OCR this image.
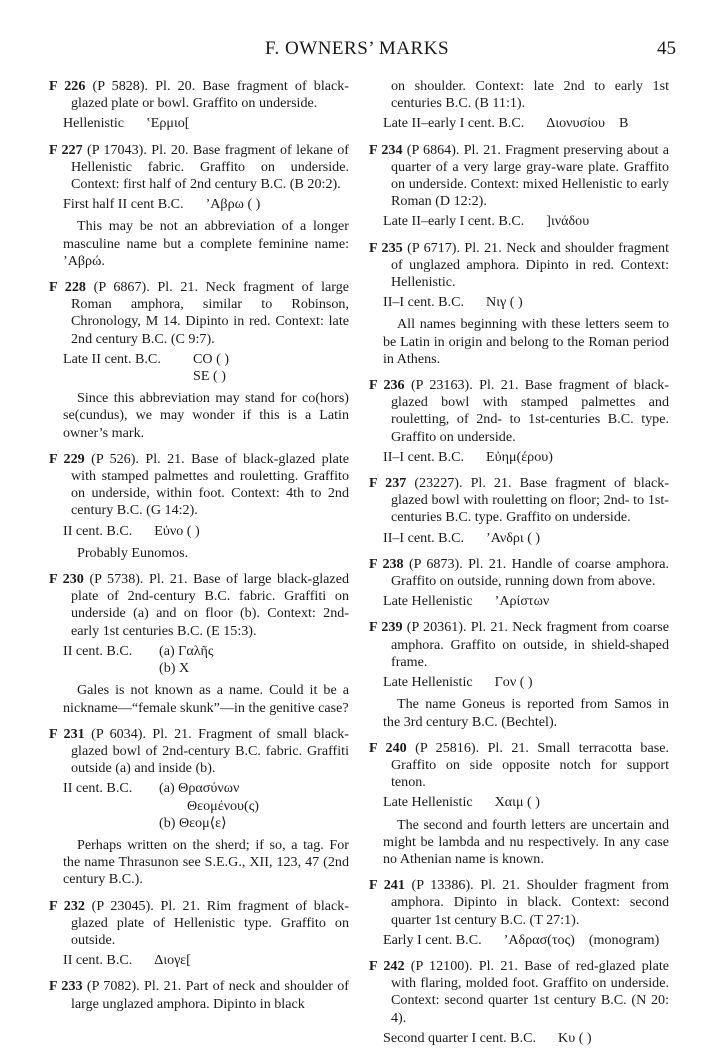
F. OWNERS’ MARKS	45
F 226 (P 5828). Pl. 20. Base fragment of black-glazed plate or bowl. Graffito on underside.
Hellenistic ʽΕρμιο[
F 227 (P 17043). Pl. 20. Base fragment of lekane of Hellenistic fabric. Graffito on underside. Context: first half of 2nd century B.C. (B 20:2).
First half II cent B.C. ʼΑβρω ( )
This may be not an abbreviation of a longer masculine name but a complete feminine name: ʼΑβρώ.
F 228 (P 6867). Pl. 21. Neck fragment of large Roman amphora, similar to Robinson, Chronology, M 14. Dipinto in red. Context: late 2nd century B.C. (C 9:7).
Late II cent. B.C.	CO ( )
SE ( )
Since this abbreviation may stand for co(hors) se(cundus), we may wonder if this is a Latin owner’s mark.
F 229 (P 526). Pl. 21. Base of black-glazed plate with stamped palmettes and rouletting. Graffito on underside, within foot. Context: 4th to 2nd century B.C. (G 14:2).
II cent. B.C. Εὐνο ( )
Probably Eunomos.
F 230 (P 5738). Pl. 21. Base of large black-glazed plate of 2nd-century B.C. fabric. Graffiti on underside (a) and on floor (b). Context: 2nd-early 1st centuries B.C. (E 15:3).
II cent. B.C.	(a) Γαλῆς
(b) X
Gales is not known as a name. Could it be a nickname—“female skunk”—in the genitive case?
F 231 (P 6034). Pl. 21. Fragment of small black-glazed bowl of 2nd-century B.C. fabric. Graffiti outside (a) and inside (b).
II cent. B.C.	(a) Θρασύνων
Θεομένου(ς)
(b) Θεομ⟨ε⟩
Perhaps written on the sherd; if so, a tag. For the name Thrasunon see S.E.G., XII, 123, 47 (2nd century B.C.).
F 232 (P 23045). Pl. 21. Rim fragment of black-glazed plate of Hellenistic type. Graffito on outside.
II cent. B.C. Διογε[
F 233 (P 7082). Pl. 21. Part of neck and shoulder of large unglazed amphora. Dipinto in black
on shoulder. Context: late 2nd to early 1st centuries B.C. (B 11:1).
Late II–early I cent. B.C. Διονυσίου    B
F 234 (P 6864). Pl. 21. Fragment preserving about a quarter of a very large gray-ware plate. Graffito on underside. Context: mixed Hellenistic to early Roman (D 12:2).
Late II–early I cent. B.C. ]ινάδου
F 235 (P 6717). Pl. 21. Neck and shoulder fragment of unglazed amphora. Dipinto in red. Context: Hellenistic.
II–I cent. B.C. Νιγ ( )
All names beginning with these letters seem to be Latin in origin and belong to the Roman period in Athens.
F 236 (P 23163). Pl. 21. Base fragment of black-glazed bowl with stamped palmettes and rouletting, of 2nd- to 1st-centuries B.C. type. Graffito on underside.
II–I cent. B.C. Εὐημ(έρου)
F 237 (23227). Pl. 21. Base fragment of black-glazed bowl with rouletting on floor; 2nd- to 1st-centuries B.C. type. Graffito on underside.
II–I cent. B.C. ʼΑνδρι ( )
F 238 (P 6873). Pl. 21. Handle of coarse amphora. Graffito on outside, running down from above.
Late Hellenistic ʼΑρίστων
F 239 (P 20361). Pl. 21. Neck fragment from coarse amphora. Graffito on outside, in shield-shaped frame.
Late Hellenistic Γον ( )
The name Goneus is reported from Samos in the 3rd century B.C. (Bechtel).
F 240 (P 25816). Pl. 21. Small terracotta base. Graffito on side opposite notch for support tenon.
Late Hellenistic Χαιμ ( )
The second and fourth letters are uncertain and might be lambda and nu respectively. In any case no Athenian name is known.
F 241 (P 13386). Pl. 21. Shoulder fragment from amphora. Dipinto in black. Context: second quarter 1st century B.C. (T 27:1).
Early I cent. B.C. ʼΑδρασ(τος) (monogram)
F 242 (P 12100). Pl. 21. Base of red-glazed plate with flaring, molded foot. Graffito on underside. Context: second quarter 1st century B.C. (N 20: 4).
Second quarter I cent. B.C. Κυ ( )
